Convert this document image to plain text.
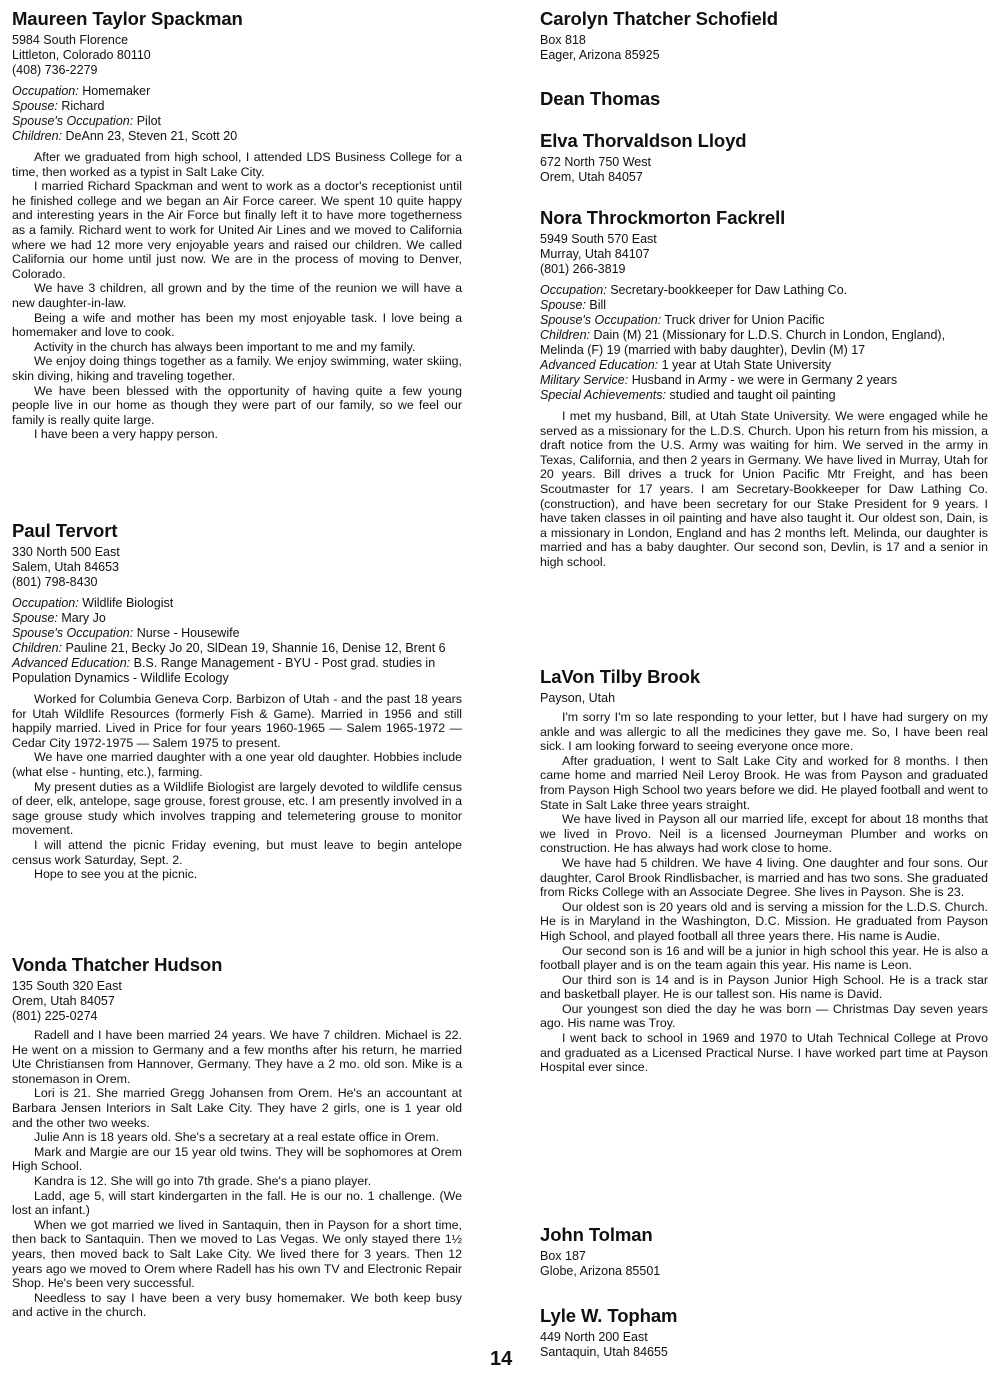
Maureen Taylor Spackman
5984 South Florence
Littleton, Colorado 80110
(408) 736-2279
Occupation: Homemaker
Spouse: Richard
Spouse's Occupation: Pilot
Children: DeAnn 23, Steven 21, Scott 20

After we graduated from high school, I attended LDS Business College for a time, then worked as a typist in Salt Lake City.

I married Richard Spackman and went to work as a doctor's receptionist until he finished college and we began an Air Force career. We spent 10 quite happy and interesting years in the Air Force but finally left it to have more togetherness as a family. Richard went to work for United Air Lines and we moved to California where we had 12 more very enjoyable years and raised our children. We called California our home until just now. We are in the process of moving to Denver, Colorado.

We have 3 children, all grown and by the time of the reunion we will have a new daughter-in-law.

Being a wife and mother has been my most enjoyable task. I love being a homemaker and love to cook.

Activity in the church has always been important to me and my family.

We enjoy doing things together as a family. We enjoy swimming, water skiing, skin diving, hiking and traveling together.

We have been blessed with the opportunity of having quite a few young people live in our home as though they were part of our family, so we feel our family is really quite large.

I have been a very happy person.

Paul Tervort
330 North 500 East
Salem, Utah 84653
(801) 798-8430
Occupation: Wildlife Biologist
Spouse: Mary Jo
Spouse's Occupation: Nurse - Housewife
Children: Pauline 21, Becky Jo 20, SlDean 19, Shannie 16, Denise 12, Brent 6
Advanced Education: B.S. Range Management - BYU - Post grad. studies in Population Dynamics - Wildlife Ecology

Worked for Columbia Geneva Corp. Barbizon of Utah - and the past 18 years for Utah Wildlife Resources (formerly Fish & Game). Married in 1956 and still happily married. Lived in Price for four years 1960-1965 — Salem 1965-1972 — Cedar City 1972-1975 — Salem 1975 to present.

We have one married daughter with a one year old daughter. Hobbies include (what else - hunting, etc.), farming.

My present duties as a Wildlife Biologist are largely devoted to wildlife census of deer, elk, antelope, sage grouse, forest grouse, etc. I am presently involved in a sage grouse study which involves trapping and telemetering grouse to monitor movement.

I will attend the picnic Friday evening, but must leave to begin antelope census work Saturday, Sept. 2.

Hope to see you at the picnic.

Vonda Thatcher Hudson
135 South 320 East
Orem, Utah 84057
(801) 225-0274

Radell and I have been married 24 years. We have 7 children. Michael is 22. He went on a mission to Germany and a few months after his return, he married Ute Christiansen from Hannover, Germany. They have a 2 mo. old son. Mike is a stonemason in Orem.

Lori is 21. She married Gregg Johansen from Orem. He's an accountant at Barbara Jensen Interiors in Salt Lake City. They have 2 girls, one is 1 year old and the other two weeks.

Julie Ann is 18 years old. She's a secretary at a real estate office in Orem.

Mark and Margie are our 15 year old twins. They will be sophomores at Orem High School.

Kandra is 12. She will go into 7th grade. She's a piano player.

Ladd, age 5, will start kindergarten in the fall. He is our no. 1 challenge. (We lost an infant.)

When we got married we lived in Santaquin, then in Payson for a short time, then back to Santaquin. Then we moved to Las Vegas. We only stayed there 1½ years, then moved back to Salt Lake City. We lived there for 3 years. Then 12 years ago we moved to Orem where Radell has his own TV and Electronic Repair Shop. He's been very successful.

Needless to say I have been a very busy homemaker. We both keep busy and active in the church.

Carolyn Thatcher Schofield
Box 818
Eager, Arizona 85925
Dean Thomas
Elva Thorvaldson Lloyd
672 North 750 West
Orem, Utah 84057
Nora Throckmorton Fackrell
5949 South 570 East
Murray, Utah 84107
(801) 266-3819
Occupation: Secretary-bookkeeper for Daw Lathing Co.
Spouse: Bill
Spouse's Occupation: Truck driver for Union Pacific
Children: Dain (M) 21 (Missionary for L.D.S. Church in London, England), Melinda (F) 19 (married with baby daughter), Devlin (M) 17
Advanced Education: 1 year at Utah State University
Military Service: Husband in Army - we were in Germany 2 years
Special Achievements: studied and taught oil painting

I met my husband, Bill, at Utah State University. We were engaged while he served as a missionary for the L.D.S. Church. Upon his return from his mission, a draft notice from the U.S. Army was waiting for him. We served in the army in Texas, California, and then 2 years in Germany. We have lived in Murray, Utah for 20 years. Bill drives a truck for Union Pacific Mtr Freight, and has been Scoutmaster for 17 years. I am Secretary-Bookkeeper for Daw Lathing Co. (construction), and have been secretary for our Stake President for 9 years. I have taken classes in oil painting and have also taught it. Our oldest son, Dain, is a missionary in London, England and has 2 months left. Melinda, our daughter is married and has a baby daughter. Our second son, Devlin, is 17 and a senior in high school.

LaVon Tilby Brook
Payson, Utah

I'm sorry I'm so late responding to your letter, but I have had surgery on my ankle and was allergic to all the medicines they gave me. So, I have been real sick. I am looking forward to seeing everyone once more.

After graduation, I went to Salt Lake City and worked for 8 months. I then came home and married Neil Leroy Brook. He was from Payson and graduated from Payson High School two years before we did. He played football and went to State in Salt Lake three years straight.

We have lived in Payson all our married life, except for about 18 months that we lived in Provo. Neil is a licensed Journeyman Plumber and works on construction. He has always had work close to home.

We have had 5 children. We have 4 living. One daughter and four sons. Our daughter, Carol Brook Rindlisbacher, is married and has two sons. She graduated from Ricks College with an Associate Degree. She lives in Payson. She is 23.

Our oldest son is 20 years old and is serving a mission for the L.D.S. Church. He is in Maryland in the Washington, D.C. Mission. He graduated from Payson High School, and played football all three years there. His name is Audie.

Our second son is 16 and will be a junior in high school this year. He is also a football player and is on the team again this year. His name is Leon.

Our third son is 14 and is in Payson Junior High School. He is a track star and basketball player. He is our tallest son. His name is David.

Our youngest son died the day he was born — Christmas Day seven years ago. His name was Troy.

I went back to school in 1969 and 1970 to Utah Technical College at Provo and graduated as a Licensed Practical Nurse. I have worked part time at Payson Hospital ever since.

John Tolman
Box 187
Globe, Arizona 85501
Lyle W. Topham
449 North 200 East
Santaquin, Utah 84655
14
